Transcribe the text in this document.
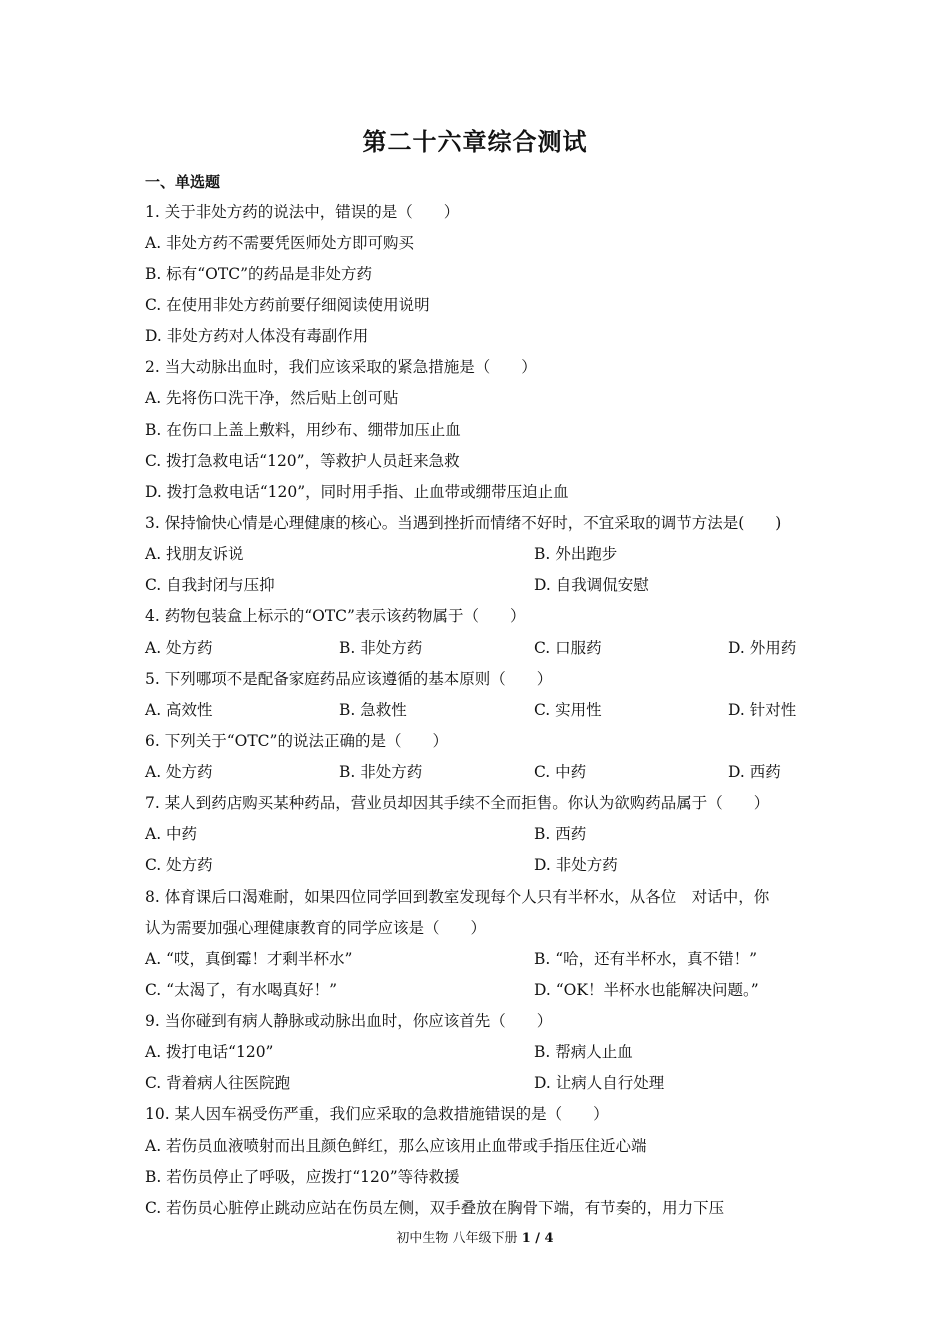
第二十六章综合测试
一、单选题
1. 关于非处方药的说法中，错误的是（　　）
A. 非处方药不需要凭医师处方即可购买
B. 标有“OTC”的药品是非处方药
C. 在使用非处方药前要仔细阅读使用说明
D. 非处方药对人体没有毒副作用
2. 当大动脉出血时，我们应该采取的紧急措施是（　　）
A. 先将伤口洗干净，然后贴上创可贴
B. 在伤口上盖上敷料，用纱布、绷带加压止血
C. 拨打急救电话“120”，等救护人员赶来急救
D. 拨打急救电话“120”，同时用手指、止血带或绷带压迫止血
3. 保持愉快心情是心理健康的核心。当遇到挫折而情绪不好时，不宜采取的调节方法是(　　)
A. 找朋友诉说	B. 外出跑步
C. 自我封闭与压抑	D. 自我调侃安慰
4. 药物包装盒上标示的“OTC”表示该药物属于（　　）
A. 处方药	B. 非处方药	C. 口服药	D. 外用药
5. 下列哪项不是配备家庭药品应该遵循的基本原则（　　）
A. 高效性	B. 急救性	C. 实用性	D. 针对性
6. 下列关于“OTC”的说法正确的是（　　）
A. 处方药	B. 非处方药	C. 中药	D. 西药
7. 某人到药店购买某种药品，营业员却因其手续不全而拒售。你认为欲购药品属于（　　）
A. 中药	B. 西药
C. 处方药	D. 非处方药
8. 体育课后口渴难耐，如果四位同学回到教室发现每个人只有半杯水，从各位　对话中，你
认为需要加强心理健康教育的同学应该是（　　）
A. “哎，真倒霉！才剩半杯水”	B. “哈，还有半杯水，真不错！”
C. “太渴了，有水喝真好！”	D. “OK！半杯水也能解决问题。”
9. 当你碰到有病人静脉或动脉出血时，你应该首先（　　）
A. 拨打电话“120”	B. 帮病人止血
C. 背着病人往医院跑	D. 让病人自行处理
10. 某人因车祸受伤严重，我们应采取的急救措施错误的是（　　）
A. 若伤员血液喷射而出且颜色鲜红，那么应该用止血带或手指压住近心端
B. 若伤员停止了呼吸，应拨打“120”等待救援
C. 若伤员心脏停止跳动应站在伤员左侧，双手叠放在胸骨下端，有节奏的，用力下压
初中生物 八年级下册 1 / 4
